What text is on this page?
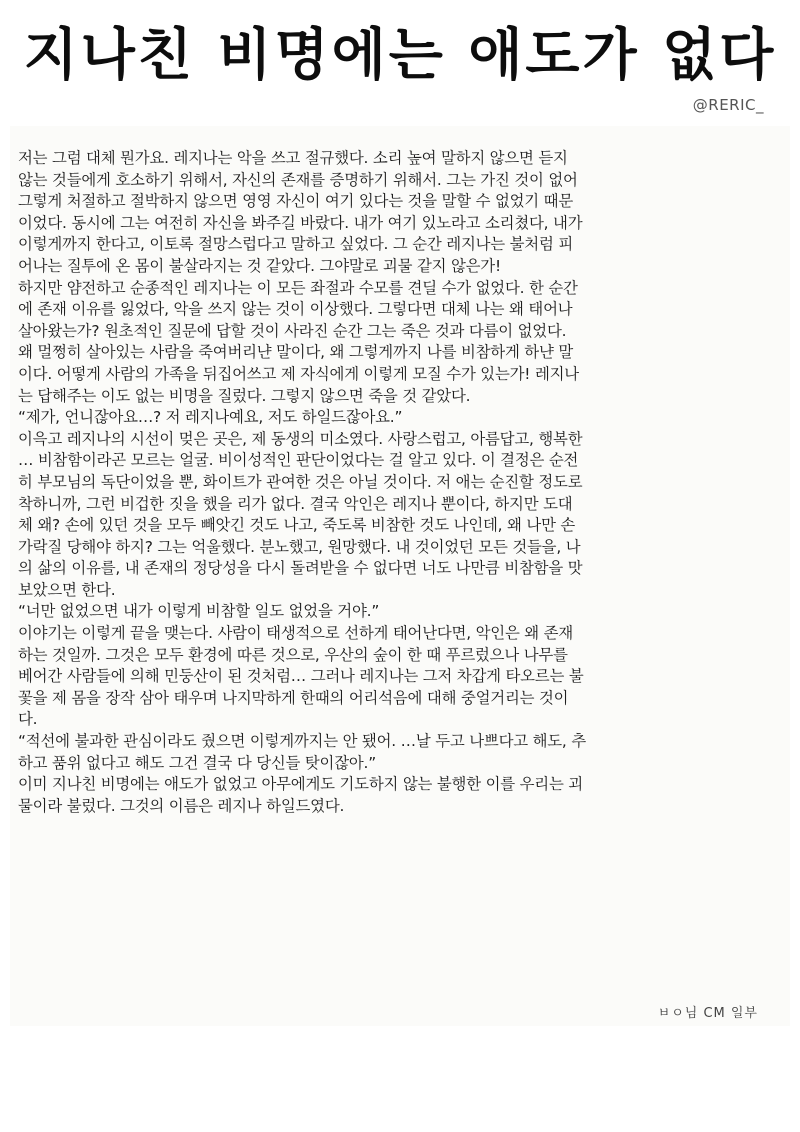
지나친 비명에는 애도가 없다
@RERIC_

저는 그럼 대체 뭔가요. 레지나는 악을 쓰고 절규했다. 소리 높여 말하지 않으면 듣지

않는 것들에게 호소하기 위해서, 자신의 존재를 증명하기 위해서. 그는 가진 것이 없어

그렇게 처절하고 절박하지 않으면 영영 자신이 여기 있다는 것을 말할 수 없었기 때문

이었다. 동시에 그는 여전히 자신을 봐주길 바랐다. 내가 여기 있노라고 소리쳤다, 내가

이렇게까지 한다고, 이토록 절망스럽다고 말하고 싶었다. 그 순간 레지나는 불처럼 피

어나는 질투에 온 몸이 불살라지는 것 같았다. 그야말로 괴물 같지 않은가!

하지만 얌전하고 순종적인 레지나는 이 모든 좌절과 수모를 견딜 수가 없었다. 한 순간

에 존재 이유를 잃었다, 악을 쓰지 않는 것이 이상했다. 그렇다면 대체 나는 왜 태어나

살아왔는가? 원초적인 질문에 답할 것이 사라진 순간 그는 죽은 것과 다름이 없었다.

왜 멀쩡히 살아있는 사람을 죽여버리냔 말이다, 왜 그렇게까지 나를 비참하게 하냔 말

이다. 어떻게 사람의 가족을 뒤집어쓰고 제 자식에게 이렇게 모질 수가 있는가! 레지나

는 답해주는 이도 없는 비명을 질렀다. 그렇지 않으면 죽을 것 같았다.

“제가, 언니잖아요…? 저 레지나예요, 저도 하일드잖아요.”

이윽고 레지나의 시선이 멎은 곳은, 제 동생의 미소였다. 사랑스럽고, 아름답고, 행복한

… 비참함이라곤 모르는 얼굴. 비이성적인 판단이었다는 걸 알고 있다. 이 결정은 순전

히 부모님의 독단이었을 뿐, 화이트가 관여한 것은 아닐 것이다. 저 애는 순진할 정도로

착하니까, 그런 비겁한 짓을 했을 리가 없다. 결국 악인은 레지나 뿐이다, 하지만 도대

체 왜? 손에 있던 것을 모두 빼앗긴 것도 나고, 죽도록 비참한 것도 나인데, 왜 나만 손

가락질 당해야 하지? 그는 억울했다. 분노했고, 원망했다. 내 것이었던 모든 것들을, 나

의 삶의 이유를, 내 존재의 정당성을 다시 돌려받을 수 없다면 너도 나만큼 비참함을 맛

보았으면 한다.

“너만 없었으면 내가 이렇게 비참할 일도 없었을 거야.”

이야기는 이렇게 끝을 맺는다. 사람이 태생적으로 선하게 태어난다면, 악인은 왜 존재

하는 것일까. 그것은 모두 환경에 따른 것으로, 우산의 숲이 한 때 푸르렀으나 나무를

베어간 사람들에 의해 민둥산이 된 것처럼… 그러나 레지나는 그저 차갑게 타오르는 불

꽃을 제 몸을 장작 삼아 태우며 나지막하게 한때의 어리석음에 대해 중얼거리는 것이

다.

“적선에 불과한 관심이라도 줬으면 이렇게까지는 안 됐어. …날 두고 나쁘다고 해도, 추

하고 품위 없다고 해도 그건 결국 다 당신들 탓이잖아.”

이미 지나친 비명에는 애도가 없었고 아무에게도 기도하지 않는 불행한 이를 우리는 괴

물이라 불렀다. 그것의 이름은 레지나 하일드였다.

ㅂㅇ님 CM 일부
